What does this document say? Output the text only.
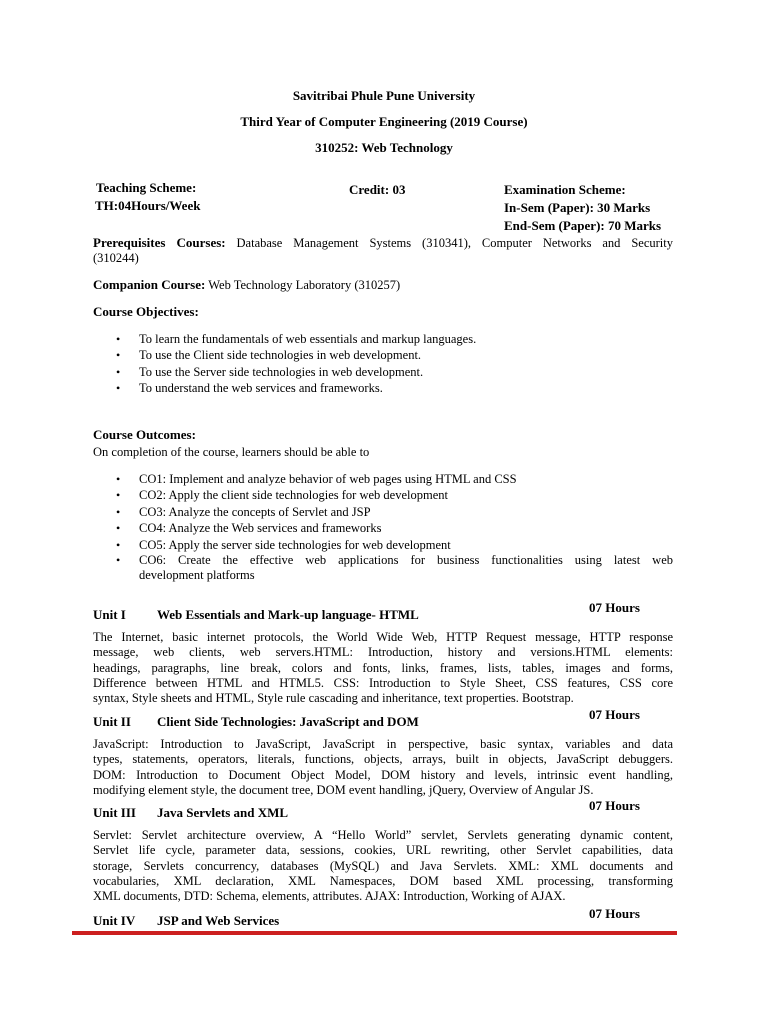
Savitribai Phule Pune University
Third Year of Computer Engineering (2019 Course)
310252: Web Technology
Teaching Scheme:
TH:04Hours/Week
Credit: 03	Examination Scheme:
In-Sem (Paper): 30 Marks
End-Sem (Paper): 70 Marks
Prerequisites Courses: Database Management Systems (310341), Computer Networks and Security
(310244)
Companion Course: Web Technology Laboratory (310257)
Course Objectives:
• To learn the fundamentals of web essentials and markup languages.
• To use the Client side technologies in web development.
• To use the Server side technologies in web development.
• To understand the web services and frameworks.
Course Outcomes:
On completion of the course, learners should be able to
• CO1: Implement and analyze behavior of web pages using HTML and CSS
• CO2: Apply the client side technologies for web development
• CO3: Analyze the concepts of Servlet and JSP
• CO4: Analyze the Web services and frameworks
• CO5: Apply the server side technologies for web development
• CO6: Create the effective web applications for business functionalities using latest web
development platforms
07 Hours
Unit I Web Essentials and Mark-up language- HTML
The Internet, basic internet protocols, the World Wide Web, HTTP Request message, HTTP response
message, web clients, web servers.HTML: Introduction, history and versions.HTML elements:
headings, paragraphs, line break, colors and fonts, links, frames, lists, tables, images and forms,
Difference between HTML and HTML5. CSS: Introduction to Style Sheet, CSS features, CSS core
syntax, Style sheets and HTML, Style rule cascading and inheritance, text properties. Bootstrap.
07 Hours
Unit II Client Side Technologies: JavaScript and DOM
JavaScript: Introduction to JavaScript, JavaScript in perspective, basic syntax, variables and data
types, statements, operators, literals, functions, objects, arrays, built in objects, JavaScript debuggers.
DOM: Introduction to Document Object Model, DOM history and levels, intrinsic event handling,
modifying element style, the document tree, DOM event handling, jQuery, Overview of Angular JS.
07 Hours
Unit III Java Servlets and XML
Servlet: Servlet architecture overview, A “Hello World” servlet, Servlets generating dynamic content,
Servlet life cycle, parameter data, sessions, cookies, URL rewriting, other Servlet capabilities, data
storage, Servlets concurrency, databases (MySQL) and Java Servlets. XML: XML documents and
vocabularies, XML declaration, XML Namespaces, DOM based XML processing, transforming
XML documents, DTD: Schema, elements, attributes. AJAX: Introduction, Working of AJAX.
07 Hours
Unit IV JSP and Web Services
